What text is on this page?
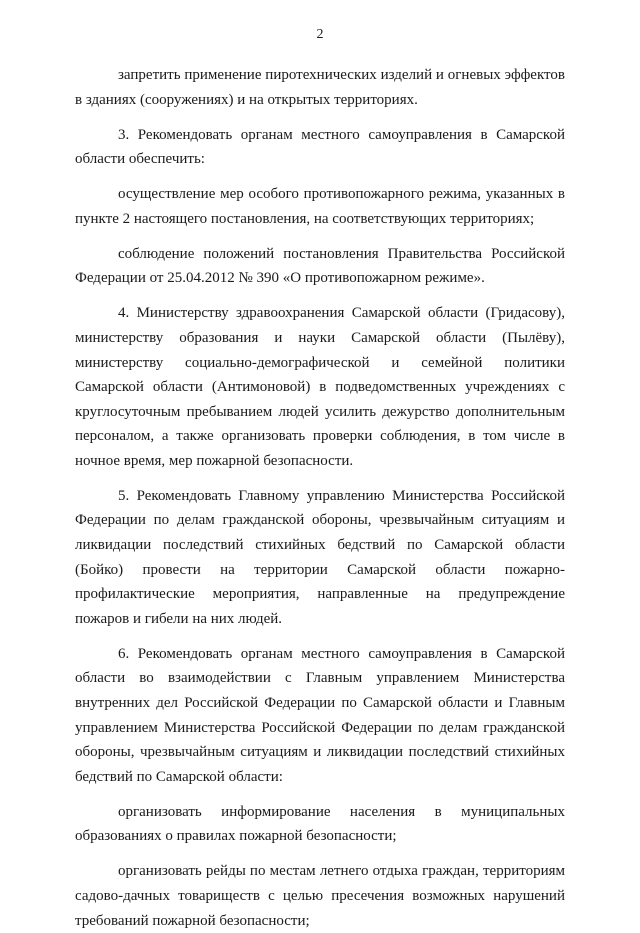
2
запретить применение пиротехнических изделий и огневых эффектов
в зданиях (сооружениях) и на открытых территориях.
3. Рекомендовать органам местного самоуправления в Самарской
области обеспечить:
осуществление мер особого противопожарного режима, указанных в
пункте 2 настоящего постановления, на соответствующих территориях;
соблюдение положений постановления Правительства Российской
Федерации от 25.04.2012 № 390 «О противопожарном режиме».
4. Министерству здравоохранения Самарской области (Гридасову),
министерству образования и науки Самарской области (Пылёву),
министерству социально-демографической и семейной политики
Самарской области (Антимоновой) в подведомственных учреждениях с
круглосуточным пребыванием людей усилить дежурство дополнительным
персоналом, а также организовать проверки соблюдения, в том числе в
ночное время, мер пожарной безопасности.
5. Рекомендовать Главному управлению Министерства Российской
Федерации по делам гражданской обороны, чрезвычайным ситуациям и
ликвидации последствий стихийных бедствий по Самарской области
(Бойко) провести на территории Самарской области пожарно-
профилактические мероприятия, направленные на предупреждение
пожаров и гибели на них людей.
6. Рекомендовать органам местного самоуправления в Самарской
области во взаимодействии с Главным управлением Министерства
внутренних дел Российской Федерации по Самарской области и Главным
управлением Министерства Российской Федерации по делам гражданской
обороны, чрезвычайным ситуациям и ликвидации последствий стихийных
бедствий по Самарской области:
организовать информирование населения в муниципальных
образованиях о правилах пожарной безопасности;
организовать рейды по местам летнего отдыха граждан, территориям
садово-дачных товариществ с целью пресечения возможных нарушений
требований пожарной безопасности;
